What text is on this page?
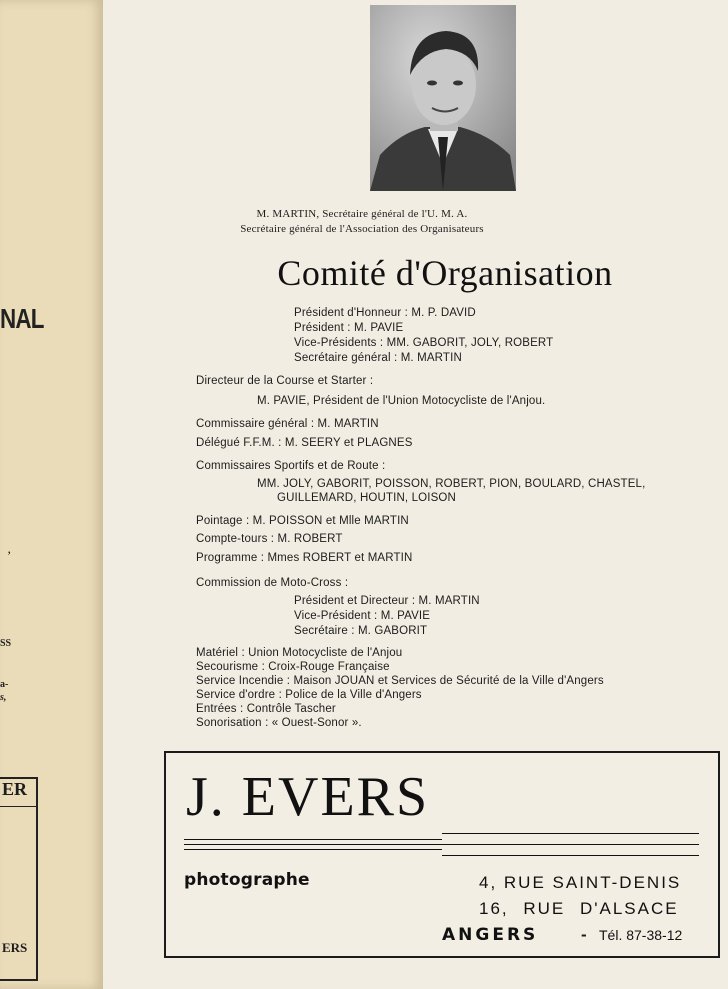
NAL
,
SS
a-
s,
ER
ERS
M. MARTIN, Secrétaire général de l'U. M. A.
Secrétaire général de l'Association des Organisateurs
Comité d'Organisation
Président d'Honneur : M. P. DAVID
Président : M. PAVIE
Vice-Présidents : MM. GABORIT, JOLY, ROBERT
Secrétaire général : M. MARTIN
Directeur de la Course et Starter :
M. PAVIE, Président de l'Union Motocycliste de l'Anjou.
Commissaire général : M. MARTIN
Délégué F.F.M. : M. SEERY et PLAGNES
Commissaires Sportifs et de Route :
MM. JOLY, GABORIT, POISSON, ROBERT, PION, BOULARD, CHASTEL,
GUILLEMARD, HOUTIN, LOISON
Pointage : M. POISSON et Mlle MARTIN
Compte-tours : M. ROBERT
Programme : Mmes ROBERT et MARTIN
Commission de Moto-Cross :
Président et Directeur : M. MARTIN
Vice-Président : M. PAVIE
Secrétaire : M. GABORIT
Matériel : Union Motocycliste de l'Anjou
Secourisme : Croix-Rouge Française
Service Incendie : Maison JOUAN et Services de Sécurité de la Ville d'Angers
Service d'ordre : Police de la Ville d'Angers
Entrées : Contrôle Tascher
Sonorisation : « Ouest-Sonor ».
J. EVERS
photographe	4, RUE SAINT-DENIS
16, RUE D'ALSACE
ANGERS	- Tél. 87-38-12
